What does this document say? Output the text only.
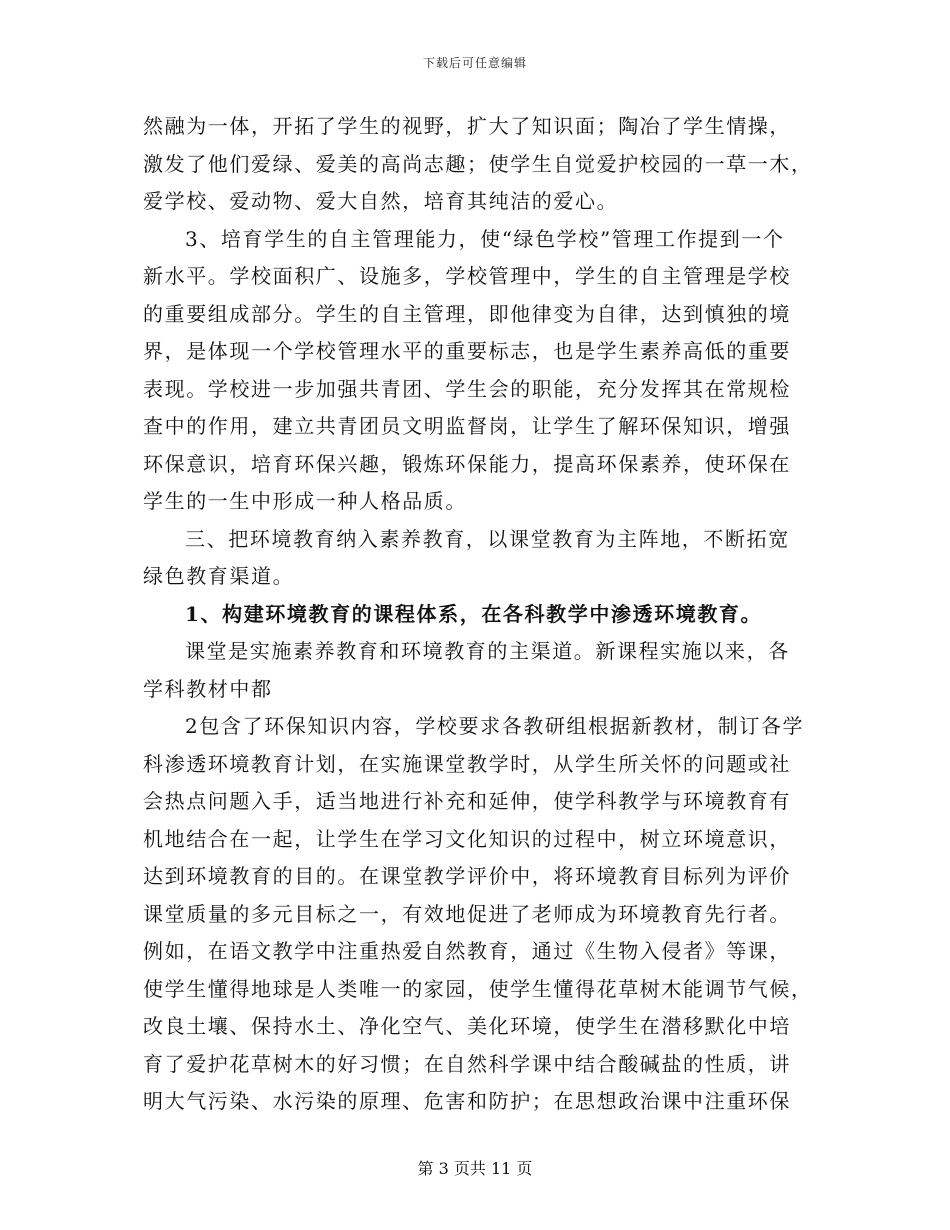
下载后可任意编辑
然融为一体，开拓了学生的视野，扩大了知识面；陶冶了学生情操，
激发了他们爱绿、爱美的高尚志趣；使学生自觉爱护校园的一草一木，
爱学校、爱动物、爱大自然，培育其纯洁的爱心。
3、培育学生的自主管理能力，使“绿色学校”管理工作提到一个
新水平。学校面积广、设施多，学校管理中，学生的自主管理是学校
的重要组成部分。学生的自主管理，即他律变为自律，达到慎独的境
界，是体现一个学校管理水平的重要标志，也是学生素养高低的重要
表现。学校进一步加强共青团、学生会的职能，充分发挥其在常规检
查中的作用，建立共青团员文明监督岗，让学生了解环保知识，增强
环保意识，培育环保兴趣，锻炼环保能力，提高环保素养，使环保在
学生的一生中形成一种人格品质。
三、把环境教育纳入素养教育，以课堂教育为主阵地，不断拓宽
绿色教育渠道。
1、构建环境教育的课程体系，在各科教学中渗透环境教育。
课堂是实施素养教育和环境教育的主渠道。新课程实施以来，各
学科教材中都
2包含了环保知识内容，学校要求各教研组根据新教材，制订各学
科渗透环境教育计划，在实施课堂教学时，从学生所关怀的问题或社
会热点问题入手，适当地进行补充和延伸，使学科教学与环境教育有
机地结合在一起，让学生在学习文化知识的过程中，树立环境意识，
达到环境教育的目的。在课堂教学评价中，将环境教育目标列为评价
课堂质量的多元目标之一，有效地促进了老师成为环境教育先行者。
例如，在语文教学中注重热爱自然教育，通过《生物入侵者》等课，
使学生懂得地球是人类唯一的家园，使学生懂得花草树木能调节气候，
改良土壤、保持水土、净化空气、美化环境，使学生在潜移默化中培
育了爱护花草树木的好习惯；在自然科学课中结合酸碱盐的性质，讲
明大气污染、水污染的原理、危害和防护；在思想政治课中注重环保
第 3 页共 11 页
